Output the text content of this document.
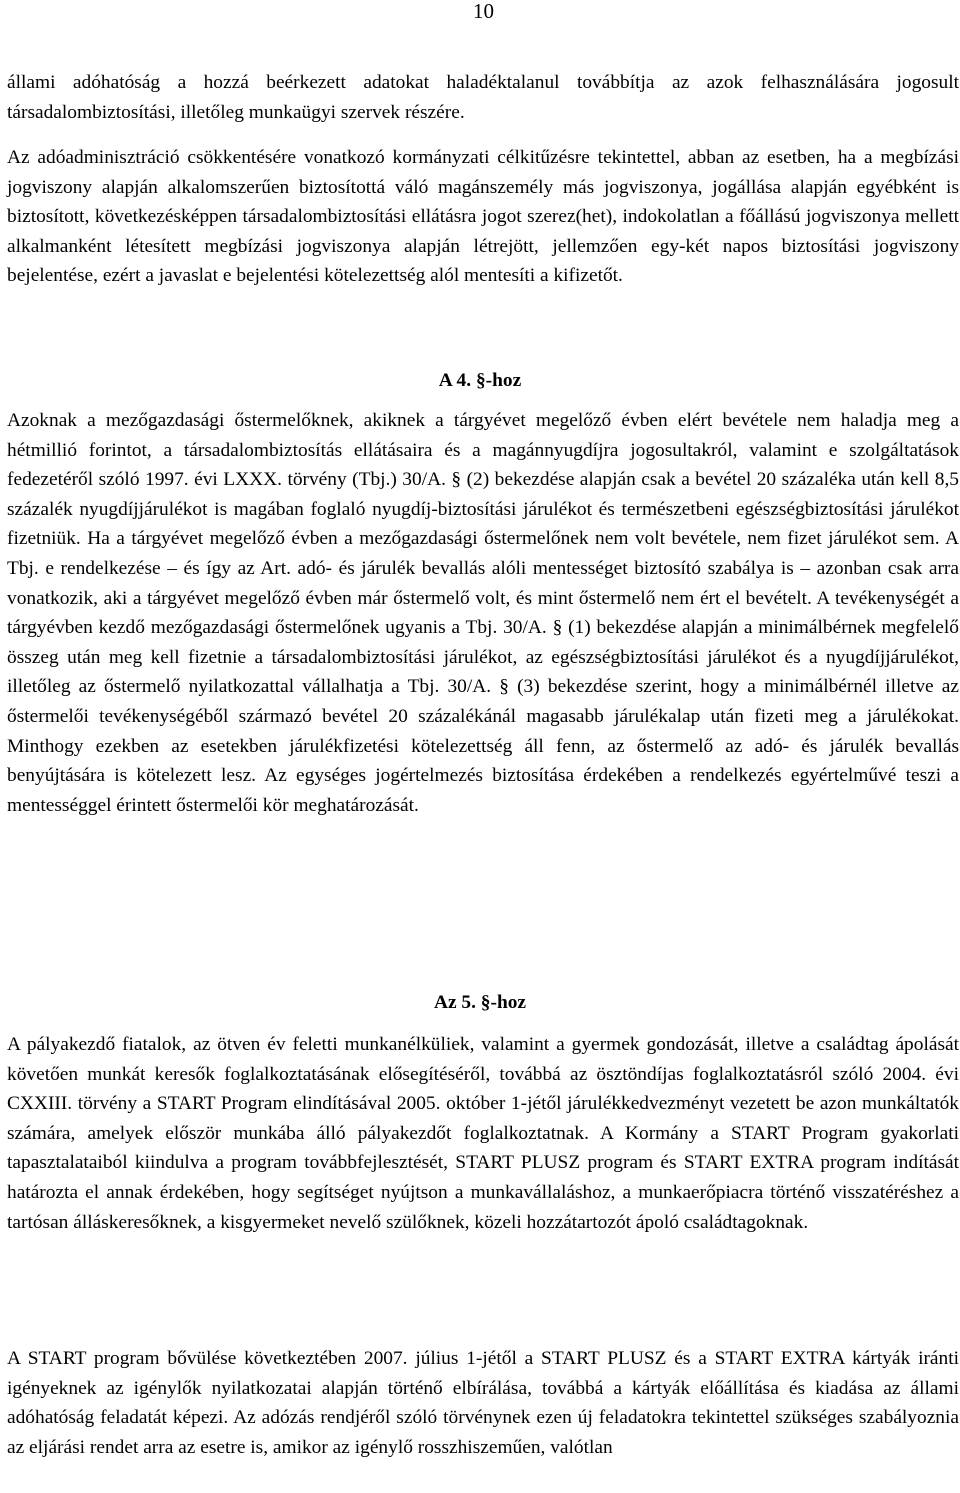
10

állami adóhatóság a hozzá beérkezett adatokat haladéktalanul továbbítja az azok felhasználására jogosult társadalombiztosítási, illetőleg munkaügyi szervek részére.

Az adóadminisztráció csökkentésére vonatkozó kormányzati célkitűzésre tekintettel, abban az esetben, ha a megbízási jogviszony alapján alkalomszerűen biztosítottá váló magánszemély más jogviszonya, jogállása alapján egyébként is biztosított, következésképpen társadalombiztosítási ellátásra jogot szerez(het), indokolatlan a főállású jogviszonya mellett alkalmanként létesített megbízási jogviszonya alapján létrejött, jellemzően egy-két napos biztosítási jogviszony bejelentése, ezért a javaslat e bejelentési kötelezettség alól mentesíti a kifizetőt.

A 4. §-hoz

Azoknak a mezőgazdasági őstermelőknek, akiknek a tárgyévet megelőző évben elért bevétele nem haladja meg a hétmillió forintot, a társadalombiztosítás ellátásaira és a magánnyugdíjra jogosultakról, valamint e szolgáltatások fedezetéről szóló 1997. évi LXXX. törvény (Tbj.) 30/A. § (2) bekezdése alapján csak a bevétel 20 százaléka után kell 8,5 százalék nyugdíjjárulékot is magában foglaló nyugdíj-biztosítási járulékot és természetbeni egészségbiztosítási járulékot fizetniük. Ha a tárgyévet megelőző évben a mezőgazdasági őstermelőnek nem volt bevétele, nem fizet járulékot sem. A Tbj. e rendelkezése – és így az Art. adó- és járulék bevallás alóli mentességet biztosító szabálya is – azonban csak arra vonatkozik, aki a tárgyévet megelőző évben már őstermelő volt, és mint őstermelő nem ért el bevételt. A tevékenységét a tárgyévben kezdő mezőgazdasági őstermelőnek ugyanis a Tbj. 30/A. § (1) bekezdése alapján a minimálbérnek megfelelő összeg után meg kell fizetnie a társadalombiztosítási járulékot, az egészségbiztosítási járulékot és a nyugdíjjárulékot, illetőleg az őstermelő nyilatkozattal vállalhatja a Tbj. 30/A. § (3) bekezdése szerint, hogy a minimálbérnél illetve az őstermelői tevékenységéből származó bevétel 20 százalékánál magasabb járulékalap után fizeti meg a járulékokat. Minthogy ezekben az esetekben járulékfizetési kötelezettség áll fenn, az őstermelő az adó- és járulék bevallás benyújtására is kötelezett lesz. Az egységes jogértelmezés biztosítása érdekében a rendelkezés egyértelművé teszi a mentességgel érintett őstermelői kör meghatározását.

Az 5. §-hoz

A pályakezdő fiatalok, az ötven év feletti munkanélküliek, valamint a gyermek gondozását, illetve a családtag ápolását követően munkát keresők foglalkoztatásának elősegítéséről, továbbá az ösztöndíjas foglalkoztatásról szóló 2004. évi CXXIII. törvény a START Program elindításával 2005. október 1-jétől járulékkedvezményt vezetett be azon munkáltatók számára, amelyek először munkába álló pályakezdőt foglalkoztatnak. A Kormány a START Program gyakorlati tapasztalataiból kiindulva a program továbbfejlesztését, START PLUSZ program és START EXTRA program indítását határozta el annak érdekében, hogy segítséget nyújtson a munkavállaláshoz, a munkaerőpiacra történő visszatéréshez a tartósan álláskeresőknek, a kisgyermeket nevelő szülőknek, közeli hozzátartozót ápoló családtagoknak.

A START program bővülése következtében 2007. július 1-jétől a START PLUSZ és a START EXTRA kártyák iránti igényeknek az igénylők nyilatkozatai alapján történő elbírálása, továbbá a kártyák előállítása és kiadása az állami adóhatóság feladatát képezi. Az adózás rendjéről szóló törvénynek ezen új feladatokra tekintettel szükséges szabályozniа az eljárási rendet arra az esetre is, amikor az igénylő rosszhiszeműen, valótlan
